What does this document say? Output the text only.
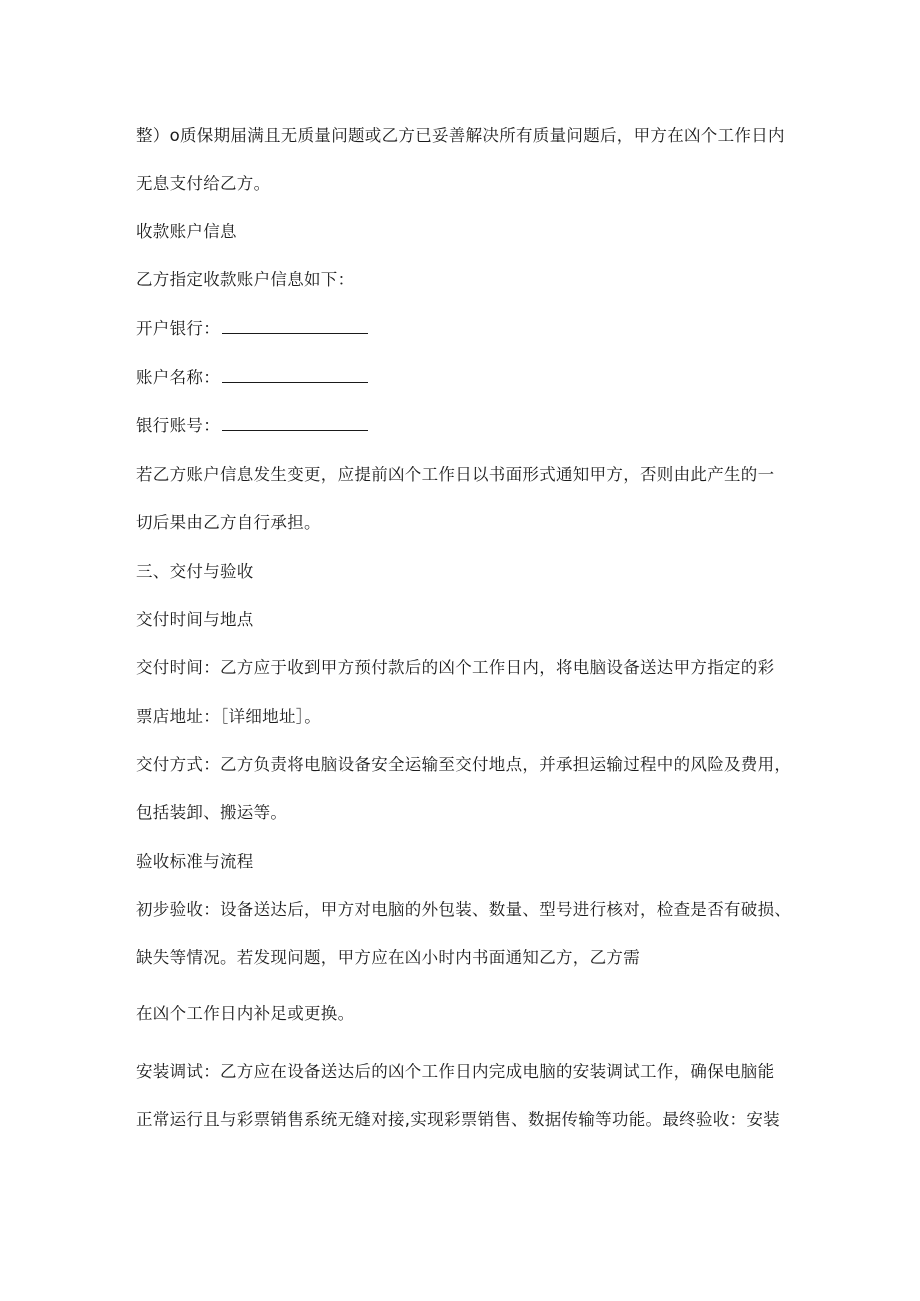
整）o质保期届满且无质量问题或乙方已妥善解决所有质量问题后，甲方在凶个工作日内
无息支付给乙方。
收款账户信息
乙方指定收款账户信息如下：
开户银行：
账户名称：
银行账号：
若乙方账户信息发生变更，应提前凶个工作日以书面形式通知甲方，否则由此产生的一
切后果由乙方自行承担。
三、交付与验收
交付时间与地点
交付时间：乙方应于收到甲方预付款后的凶个工作日内，将电脑设备送达甲方指定的彩
票店地址：［详细地址］。
交付方式：乙方负责将电脑设备安全运输至交付地点，并承担运输过程中的风险及费用，
包括装卸、搬运等。
验收标准与流程
初步验收：设备送达后，甲方对电脑的外包装、数量、型号进行核对，检查是否有破损、
缺失等情况。若发现问题，甲方应在凶小时内书面通知乙方，乙方需
在凶个工作日内补足或更换。
安装调试：乙方应在设备送达后的凶个工作日内完成电脑的安装调试工作，确保电脑能
正常运行且与彩票销售系统无缝对接,实现彩票销售、数据传输等功能。最终验收：安装
